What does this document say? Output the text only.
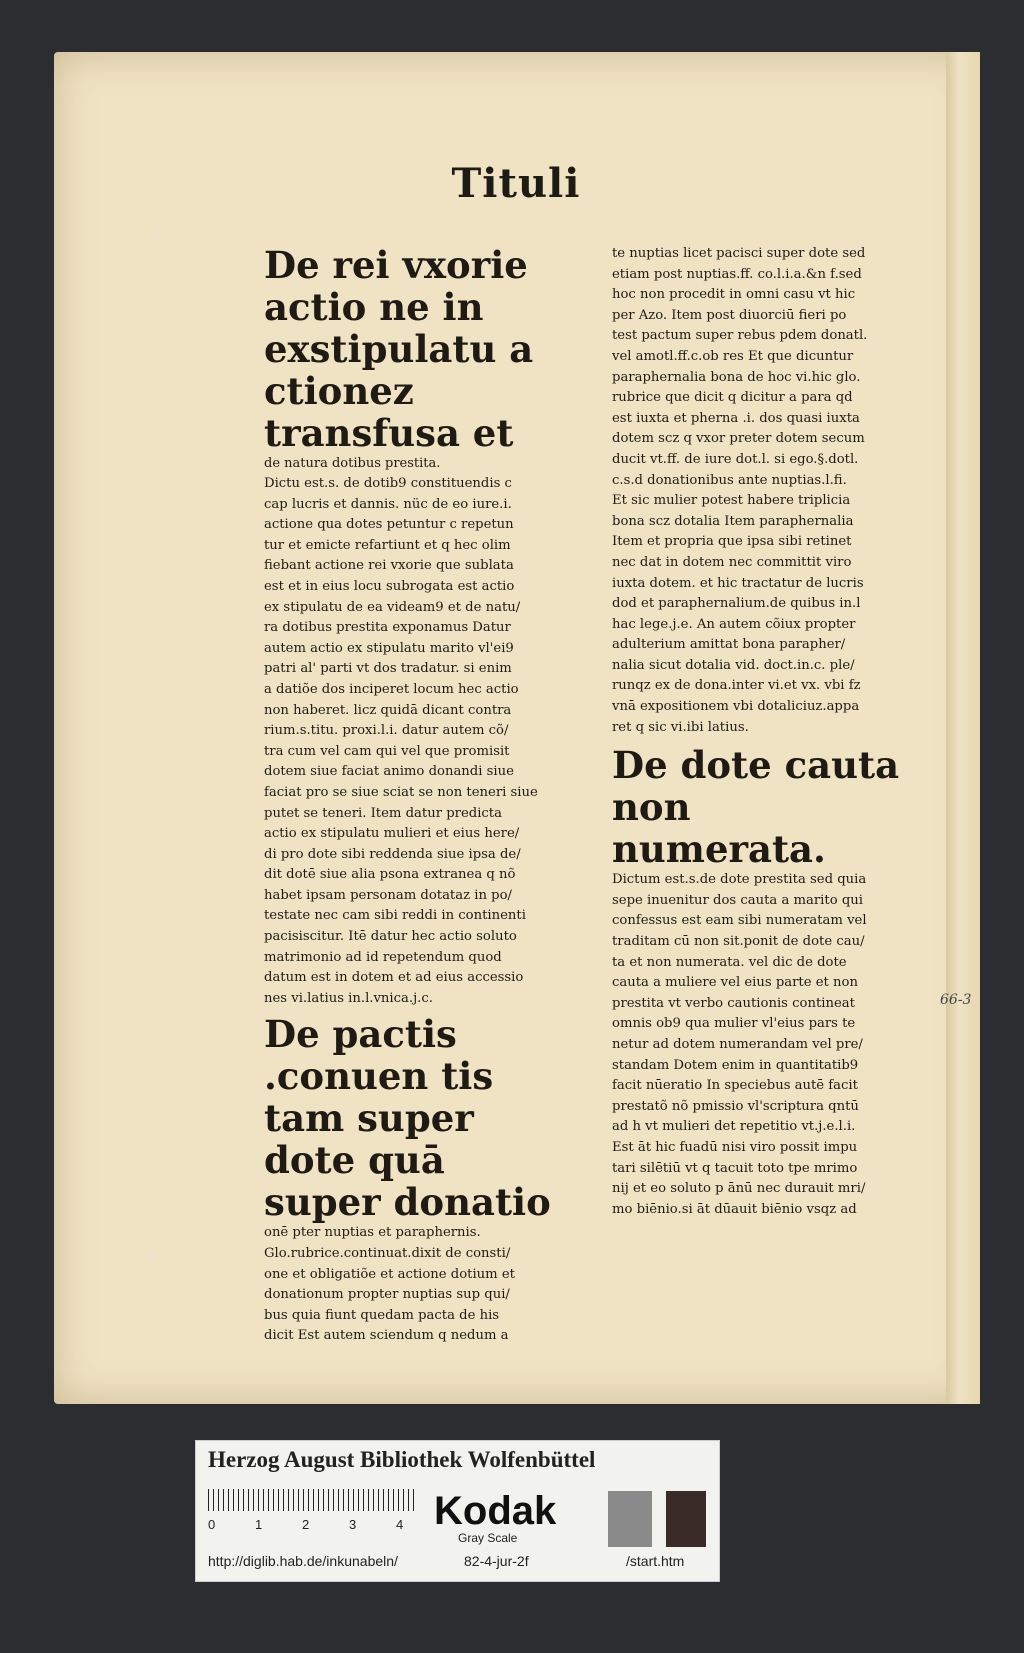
Tituli

De rei vxorie actio ne in exstipulatu a ctionez transfusa et

de natura dotibus prestita.

Dictu est.s. de dotib9 constituendis c

cap lucris et dannis. nüc de eo iure.i.

actione qua dotes petuntur c repetun

tur et emicte refartiunt et q hec olim

fiebant actione rei vxorie que sublata

est et in eius locu subrogata est actio

ex stipulatu de ea videam9 et de natu/

ra dotibus prestita exponamus Datur

autem actio ex stipulatu marito vl'ei9

patri al' parti vt dos tradatur. si enim

a datiõe dos inciperet locum hec actio

non haberet. licz quidā dicant contra

rium.s.titu. proxi.l.i. datur autem cõ/

tra cum vel cam qui vel que promisit

dotem siue faciat animo donandi siue

faciat pro se siue sciat se non teneri siue

putet se teneri. Item datur predicta

actio ex stipulatu mulieri et eius here/

di pro dote sibi reddenda siue ipsa de/

dit dotē siue alia psona extranea q nõ

habet ipsam personam dotataz in po/

testate nec cam sibi reddi in continenti

pacisiscitur. Itē datur hec actio soluto

matrimonio ad id repetendum quod

datum est in dotem et ad eius accessio

nes vi.latius in.l.vnica.j.c.

De pactis .conuen tis tam super dote quā super donatio

onē pter nuptias et paraphernis.

Glo.rubrice.continuat.dixit de consti/

one et obligatiõe et actione dotium et

donationum propter nuptias sup qui/

bus quia fiunt quedam pacta de his

dicit Est autem sciendum q nedum a

te nuptias licet pacisci super dote sed

etiam post nuptias.ff. co.l.i.a.&n f.sed

hoc non procedit in omni casu vt hic

per Azo. Item post diuorciū fieri po

test pactum super rebus pdem donatl.

vel amotl.ff.c.ob res Et que dicuntur

paraphernalia bona de hoc vi.hic glo.

rubrice que dicit q dicitur a para qd

est iuxta et pherna .i. dos quasi iuxta

dotem scz q vxor preter dotem secum

ducit vt.ff. de iure dot.l. si ego.§.dotl.

c.s.d donationibus ante nuptias.l.fi.

Et sic mulier potest habere triplicia

bona scz dotalia Item paraphernalia

Item et propria que ipsa sibi retinet

nec dat in dotem nec committit viro

iuxta dotem. et hic tractatur de lucris

dod et paraphernalium.de quibus in.l

hac lege.j.e. An autem cõiux propter

adulterium amittat bona parapher/

nalia sicut dotalia vid. doct.in.c. ple/

runqz ex de dona.inter vi.et vx. vbi fz

vnā expositionem vbi dotaliciuz.appa

ret q sic vi.ibi latius.

De dote cauta non numerata.

Dictum est.s.de dote prestita sed quia

sepe inuenitur dos cauta a marito qui

confessus est eam sibi numeratam vel

traditam cū non sit.ponit de dote cau/

ta et non numerata. vel dic de dote

cauta a muliere vel eius parte et non

prestita vt verbo cautionis contineat

omnis ob9 qua mulier vl'eius pars te

netur ad dotem numerandam vel pre/

standam Dotem enim in quantitatib9

facit nūeratio In speciebus autē facit

prestatõ nõ pmissio vl'scriptura qntū

ad h vt mulieri det repetitio vt.j.e.l.i.

Est āt hic fuadū nisi viro possit impu

tari silētiū vt q tacuit toto tpe mrimo

nij et eo soluto p ānū nec durauit mri/

mo biēnio.si āt dūauit biēnio vsqz ad

66-3
Herzog August Bibliothek Wolfenbüttel
0	1	2	3	4 Kodak
Gray Scale
http://diglib.hab.de/inkunabeln/	82-4-jur-2f	/start.htm
